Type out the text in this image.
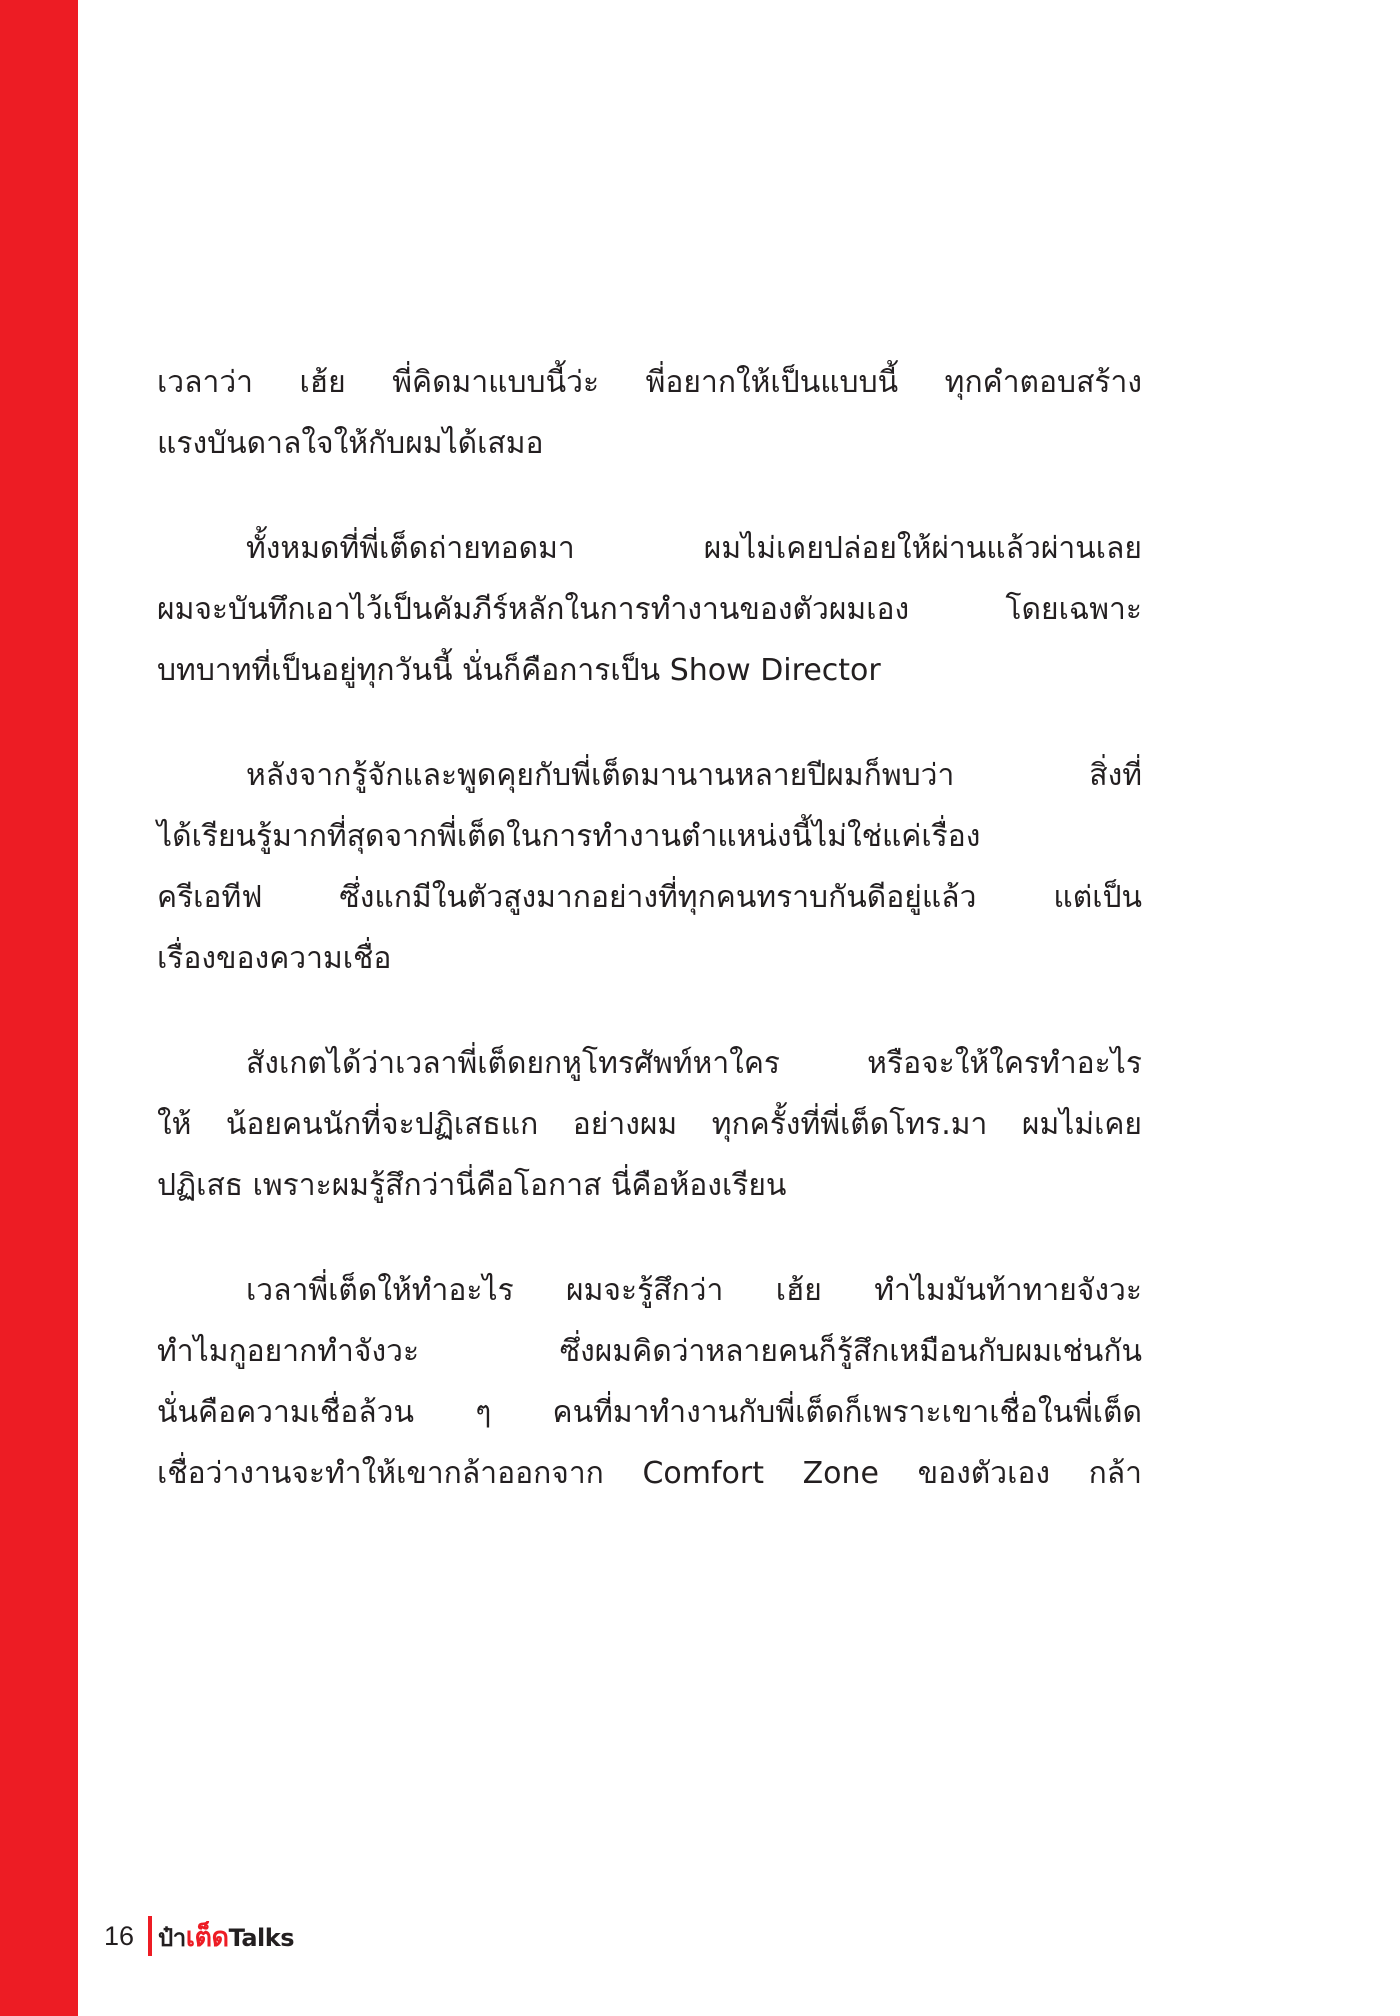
เวลาว่า เฮ้ย พี่คิดมาแบบนี้ว่ะ พี่อยากให้เป็นแบบนี้ ทุกคำตอบสร้าง
แรงบันดาลใจให้กับผมได้เสมอ
ทั้งหมดที่พี่เต็ดถ่ายทอดมา ผมไม่เคยปล่อยให้ผ่านแล้วผ่านเลย
ผมจะบันทึกเอาไว้เป็นคัมภีร์หลักในการทำงานของตัวผมเอง โดยเฉพาะ
บทบาทที่เป็นอยู่ทุกวันนี้ นั่นก็คือการเป็น Show Director
หลังจากรู้จักและพูดคุยกับพี่เต็ดมานานหลายปีผมก็พบว่า สิ่งที่
ได้เรียนรู้มากที่สุดจากพี่เต็ดในการทำงานตำแหน่งนี้ไม่ใช่แค่เรื่อง
ครีเอทีฟ ซึ่งแกมีในตัวสูงมากอย่างที่ทุกคนทราบกันดีอยู่แล้ว แต่เป็น
เรื่องของความเชื่อ
สังเกตได้ว่าเวลาพี่เต็ดยกหูโทรศัพท์หาใคร หรือจะให้ใครทำอะไร
ให้ น้อยคนนักที่จะปฏิเสธแก อย่างผม ทุกครั้งที่พี่เต็ดโทร.มา ผมไม่เคย
ปฏิเสธ เพราะผมรู้สึกว่านี่คือโอกาส นี่คือห้องเรียน
เวลาพี่เต็ดให้ทำอะไร ผมจะรู้สึกว่า เฮ้ย ทำไมมันท้าทายจังวะ
ทำไมกูอยากทำจังวะ ซึ่งผมคิดว่าหลายคนก็รู้สึกเหมือนกับผมเช่นกัน
นั่นคือความเชื่อล้วน ๆ คนที่มาทำงานกับพี่เต็ดก็เพราะเขาเชื่อในพี่เต็ด
เชื่อว่างานจะทำให้เขากล้าออกจาก Comfort Zone ของตัวเอง กล้า
16 ป๋า เต็ด Talks
